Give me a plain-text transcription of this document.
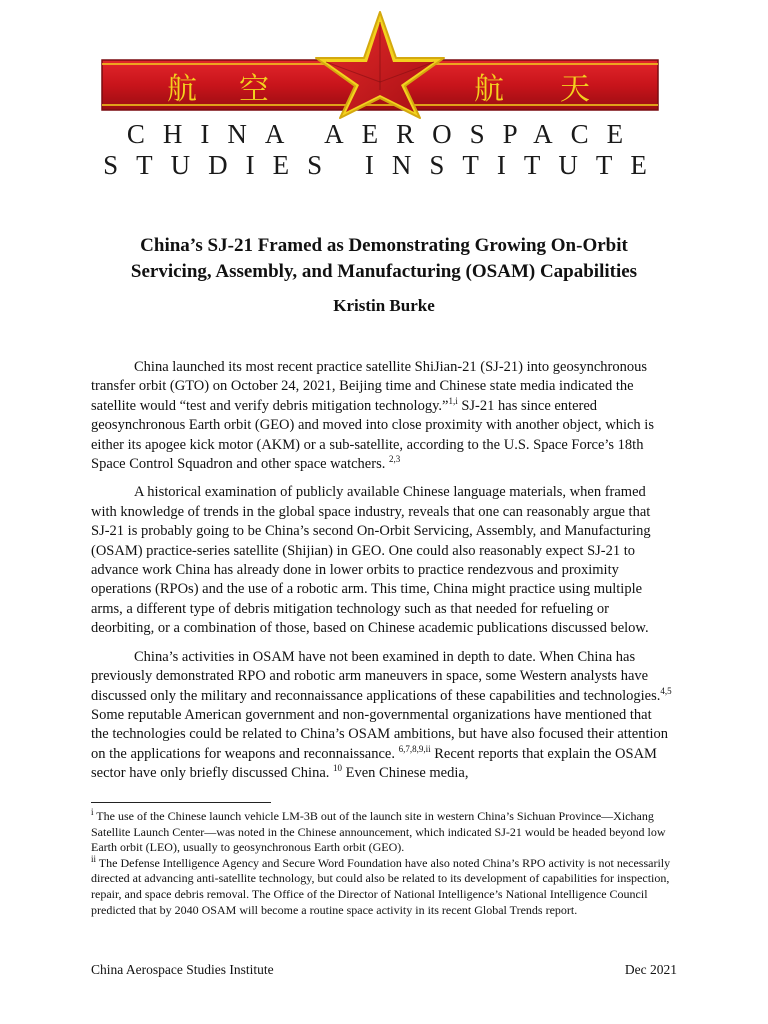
航 空	航 天
CHINA AEROSPACE
STUDIES INSTITUTE
China’s SJ-21 Framed as Demonstrating Growing On-Orbit
Servicing, Assembly, and Manufacturing (OSAM) Capabilities
Kristin Burke

China launched its most recent practice satellite ShiJian-21 (SJ-21) into geosynchronous transfer orbit (GTO) on October 24, 2021, Beijing time and Chinese state media indicated the satellite would “test and verify debris mitigation technology.”$^{1,i}$ SJ-21 has since entered geosynchronous Earth orbit (GEO) and moved into close proximity with another object, which is either its apogee kick motor (AKM) or a sub-satellite, according to the U.S. Space Force’s 18th Space Control Squadron and other space watchers. $^{2,3}$

A historical examination of publicly available Chinese language materials, when framed with knowledge of trends in the global space industry, reveals that one can reasonably argue that SJ-21 is probably going to be China’s second On-Orbit Servicing, Assembly, and Manufacturing (OSAM) practice-series satellite (Shijian) in GEO. One could also reasonably expect SJ-21 to advance work China has already done in lower orbits to practice rendezvous and proximity operations (RPOs) and the use of a robotic arm. This time, China might practice using multiple arms, a different type of debris mitigation technology such as that needed for refueling or deorbiting, or a combination of those, based on Chinese academic publications discussed below.

China’s activities in OSAM have not been examined in depth to date. When China has previously demonstrated RPO and robotic arm maneuvers in space, some Western analysts have discussed only the military and reconnaissance applications of these capabilities and technologies.$^{4,5}$ Some reputable American government and non-governmental organizations have mentioned that the technologies could be related to China’s OSAM ambitions, but have also focused their attention on the applications for weapons and reconnaissance. $^{6,7,8,9,ii}$ Recent reports that explain the OSAM sector have only briefly discussed China. $^{10}$ Even Chinese media,

$^i$ The use of the Chinese launch vehicle LM-3B out of the launch site in western China’s Sichuan Province—Xichang Satellite Launch Center—was noted in the Chinese announcement, which indicated SJ-21 would be headed beyond low Earth orbit (LEO), usually to geosynchronous Earth orbit (GEO).

$^{ii}$ The Defense Intelligence Agency and Secure Word Foundation have also noted China’s RPO activity is not necessarily directed at advancing anti-satellite technology, but could also be related to its development of capabilities for inspection, repair, and space debris removal. The Office of the Director of National Intelligence’s National Intelligence Council predicted that by 2040 OSAM will become a routine space activity in its recent Global Trends report.

China Aerospace Studies Institute	Dec 2021
